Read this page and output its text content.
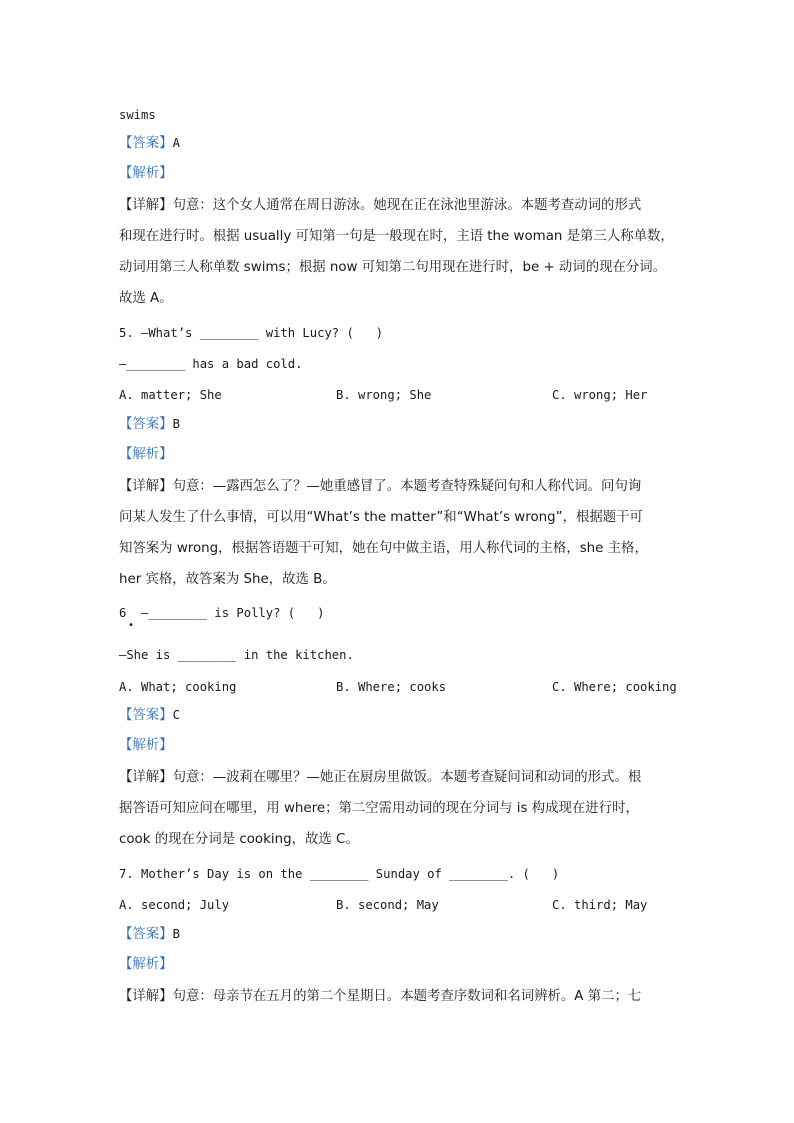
swims
【答案】A
【解析】
【详解】句意：这个女人通常在周日游泳。她现在正在泳池里游泳。本题考查动词的形式
和现在进行时。根据 usually 可知第一句是一般现在时，主语 the woman 是第三人称单数，
动词用第三人称单数 swims；根据 now 可知第二句用现在进行时，be + 动词的现在分词。
故选 A。
5. —What’s ________ with Lucy? (   )
—________ has a bad cold.
A. matter; She	B. wrong; She	C. wrong; Her
【答案】B
【解析】
【详解】句意：—露西怎么了？—她重感冒了。本题考查特殊疑问句和人称代词。问句询
问某人发生了什么事情，可以用“What’s the matter”和“What’s wrong”，根据题干可
知答案为 wrong，根据答语题干可知，她在句中做主语，用人称代词的主格，she 主格，
her 宾格，故答案为 She，故选 B。
6  —________ is Polly? (   )
—She is ________ in the kitchen.
A. What; cooking	B. Where; cooks	C. Where; cooking
【答案】C
【解析】
【详解】句意：—波莉在哪里？—她正在厨房里做饭。本题考查疑问词和动词的形式。根
据答语可知应问在哪里，用 where；第二空需用动词的现在分词与 is 构成现在进行时，
cook 的现在分词是 cooking，故选 C。
7. Mother’s Day is on the ________ Sunday of ________. (   )
A. second; July	B. second; May	C. third; May
【答案】B
【解析】
【详解】句意：母亲节在五月的第二个星期日。本题考查序数词和名词辨析。A 第二；七
•
